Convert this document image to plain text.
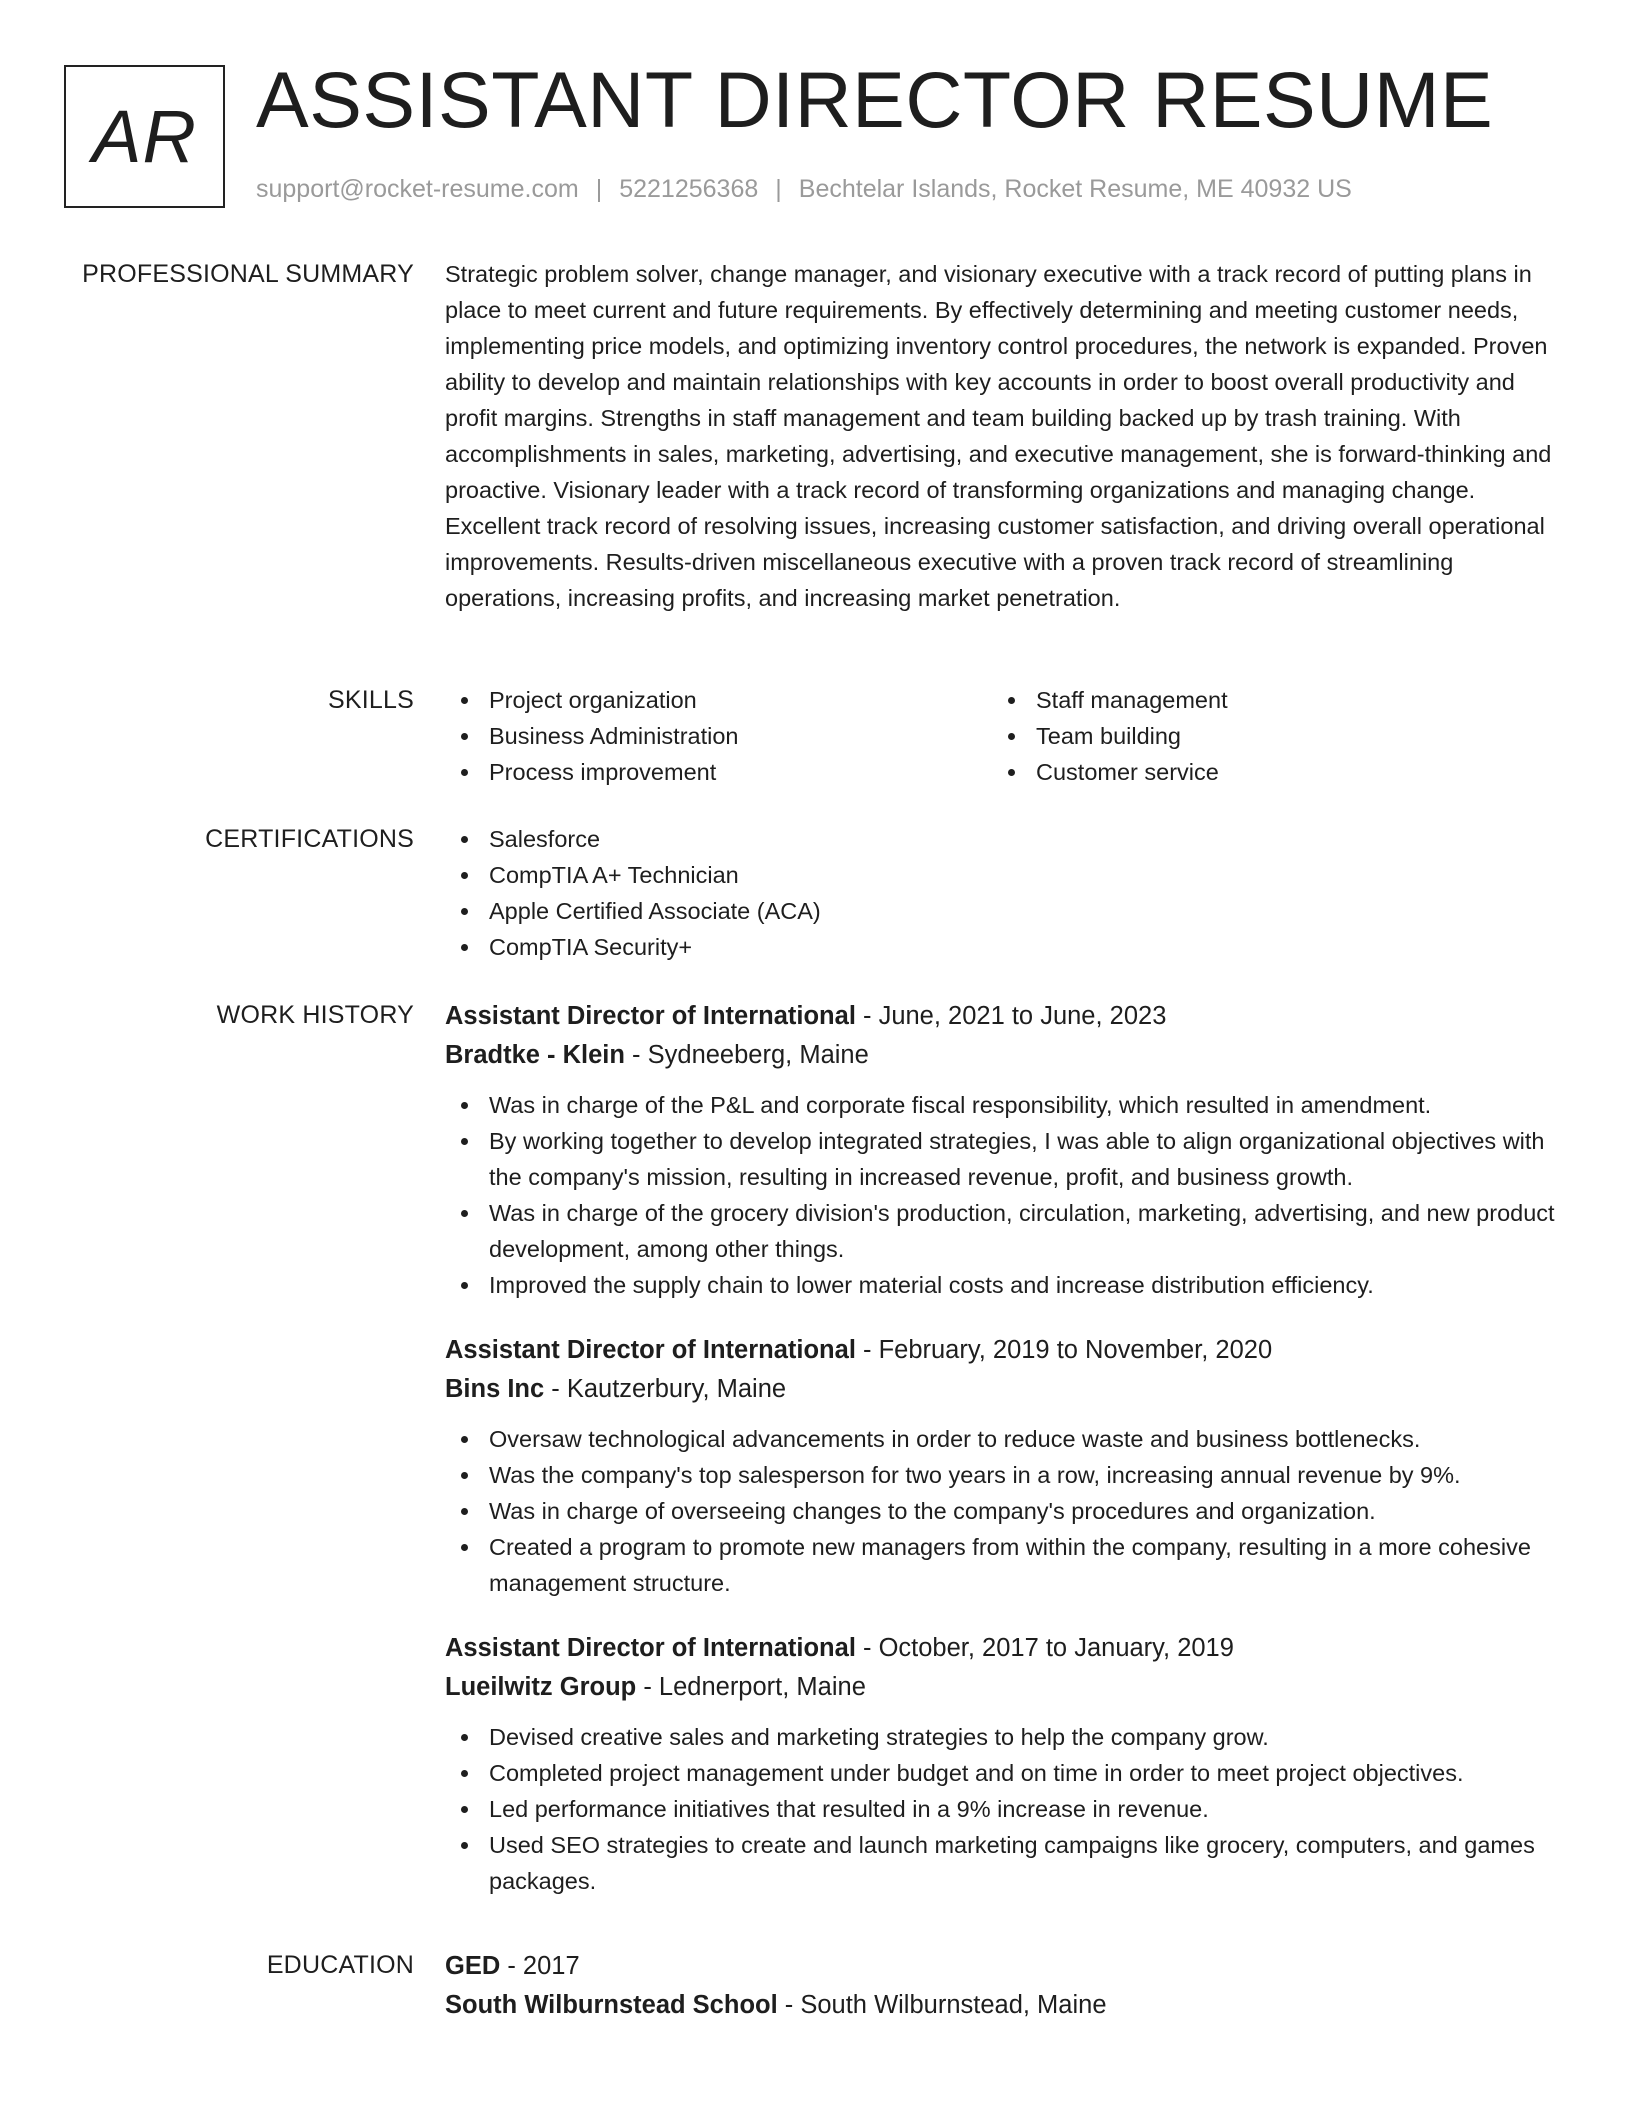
AR ASSISTANT DIRECTOR RESUME
support@rocket-resume.com | 5221256368 | Bechtelar Islands, Rocket Resume, ME 40932 US
PROFESSIONAL SUMMARY Strategic problem solver, change manager, and visionary executive with a track record of putting plans in place to meet current and future requirements. By effectively determining and meeting customer needs, implementing price models, and optimizing inventory control procedures, the network is expanded. Proven ability to develop and maintain relationships with key accounts in order to boost overall productivity and profit margins. Strengths in staff management and team building backed up by trash training. With accomplishments in sales, marketing, advertising, and executive management, she is forward-thinking and proactive. Visionary leader with a track record of transforming organizations and managing change. Excellent track record of resolving issues, increasing customer satisfaction, and driving overall operational improvements. Results-driven miscellaneous executive with a proven track record of streamlining operations, increasing profits, and increasing market penetration.
SKILLS	Project organization
Business Administration
Process improvement
Staff management
Team building
Customer service
CERTIFICATIONS	Salesforce
CompTIA A+ Technician
Apple Certified Associate (ACA)
CompTIA Security+
WORK HISTORY Assistant Director of International - June, 2021 to June, 2023
Bradtke - Klein - Sydneeberg, Maine
Was in charge of the P&L and corporate fiscal responsibility, which resulted in amendment.
By working together to develop integrated strategies, I was able to align organizational objectives with the company's mission, resulting in increased revenue, profit, and business growth.
Was in charge of the grocery division's production, circulation, marketing, advertising, and new product development, among other things.
Improved the supply chain to lower material costs and increase distribution efficiency.
Assistant Director of International - February, 2019 to November, 2020
Bins Inc - Kautzerbury, Maine
Oversaw technological advancements in order to reduce waste and business bottlenecks.
Was the company's top salesperson for two years in a row, increasing annual revenue by 9%.
Was in charge of overseeing changes to the company's procedures and organization.
Created a program to promote new managers from within the company, resulting in a more cohesive management structure.
Assistant Director of International - October, 2017 to January, 2019
Lueilwitz Group - Lednerport, Maine
Devised creative sales and marketing strategies to help the company grow.
Completed project management under budget and on time in order to meet project objectives.
Led performance initiatives that resulted in a 9% increase in revenue.
Used SEO strategies to create and launch marketing campaigns like grocery, computers, and games packages.
EDUCATION GED - 2017
South Wilburnstead School - South Wilburnstead, Maine
